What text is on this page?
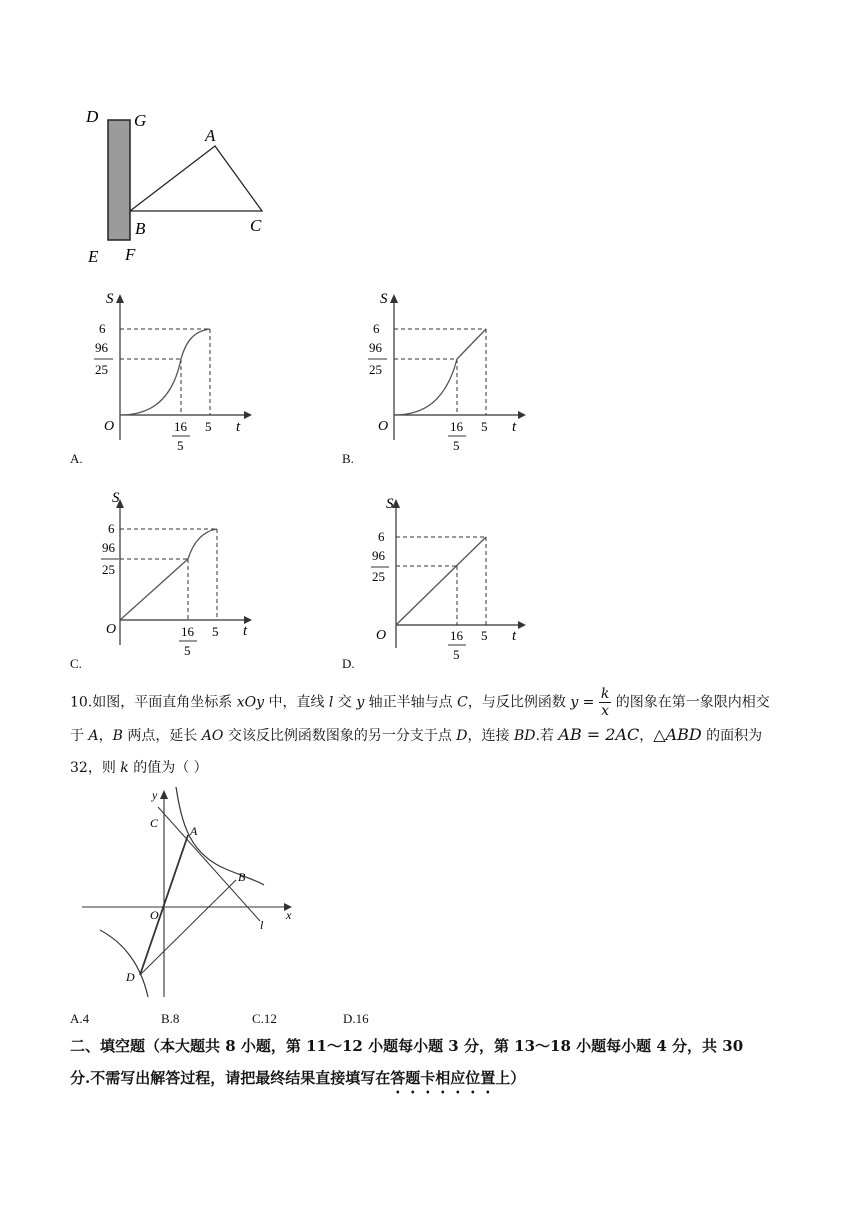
D G
E F
A
B	C
S
6
96
25
O	16
5
5 t
A.
S
6
96
25
O	16
5
5 t
B.
S
6
96
25
O	16
5
5 t
C.
S
6
96
25
O	16
5
5 t
D.
10.如图，平面直角坐标系 xOy 中，直线 l 交 y 轴正半轴与点 C，与反比例函数 $y = \frac{k}{x}$ 的图象在第一象限内相交
于 A，B 两点，延长 AO 交该反比例函数图象的另一分支于点 D，连接 BD.若 AB = 2AC，△ABD 的面积为
32，则 k 的值为（ ）
y
C
A
B
O	x
l
D
A.4	B.8	C.12	D.16
二、填空题（本大题共 8 小题，第 11～12 小题每小题 3 分，第 13～18 小题每小题 4 分，共 30
分.不需写出解答过程，请把最终结果直接填写在答题卡相应位置上）
